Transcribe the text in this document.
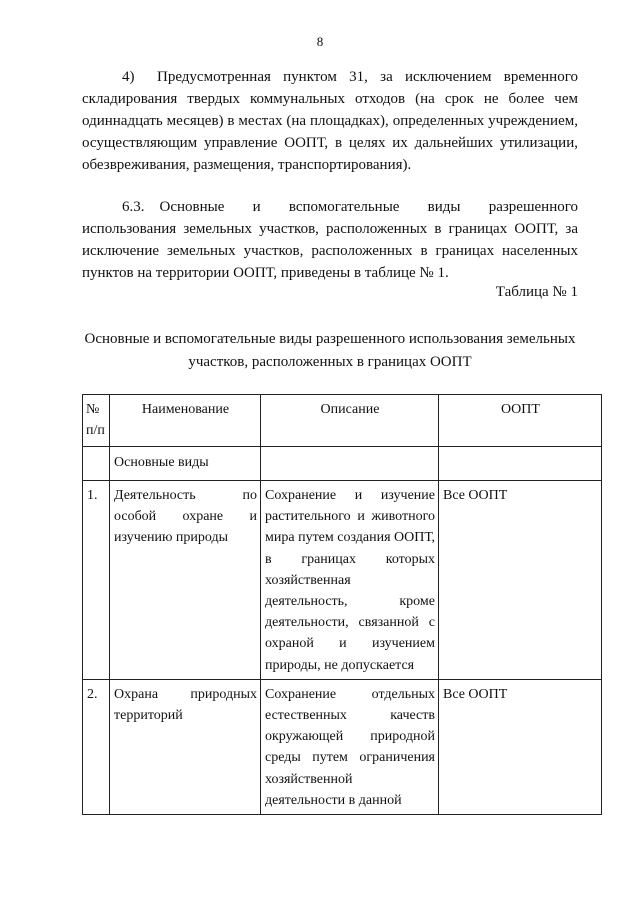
8

4)  Предусмотренная пунктом 31, за исключением временного складирования твердых коммунальных отходов (на срок не более чем одиннадцать месяцев) в местах (на площадках), определенных учреждением, осуществляющим управление ООПТ, в целях их дальнейших утилизации, обезвреживания, размещения, транспортирования).

6.3. Основные и вспомогательные виды разрешенного использования земельных участков, расположенных в границах ООПТ, за исключение земельных участков, расположенных в границах населенных пунктов на территории ООПТ, приведены в таблице № 1.

Таблица № 1
Основные и вспомогательные виды разрешенного использования земельных участков, расположенных в границах ООПТ
№ п/п	Наименование	Описание	ООПТ
	Основные виды		
1.	Деятельность по особой охране и изучению природы	Сохранение и изучение растительного и животного мира путем создания ООПТ, в границах которых хозяйственная деятельность, кроме деятельности, связанной с охраной и изучением природы, не допускается	Все ООПТ
2.	Охрана природных территорий	Сохранение отдельных естественных качеств окружающей природной среды путем ограничения хозяйственной деятельности в данной	Все ООПТ
